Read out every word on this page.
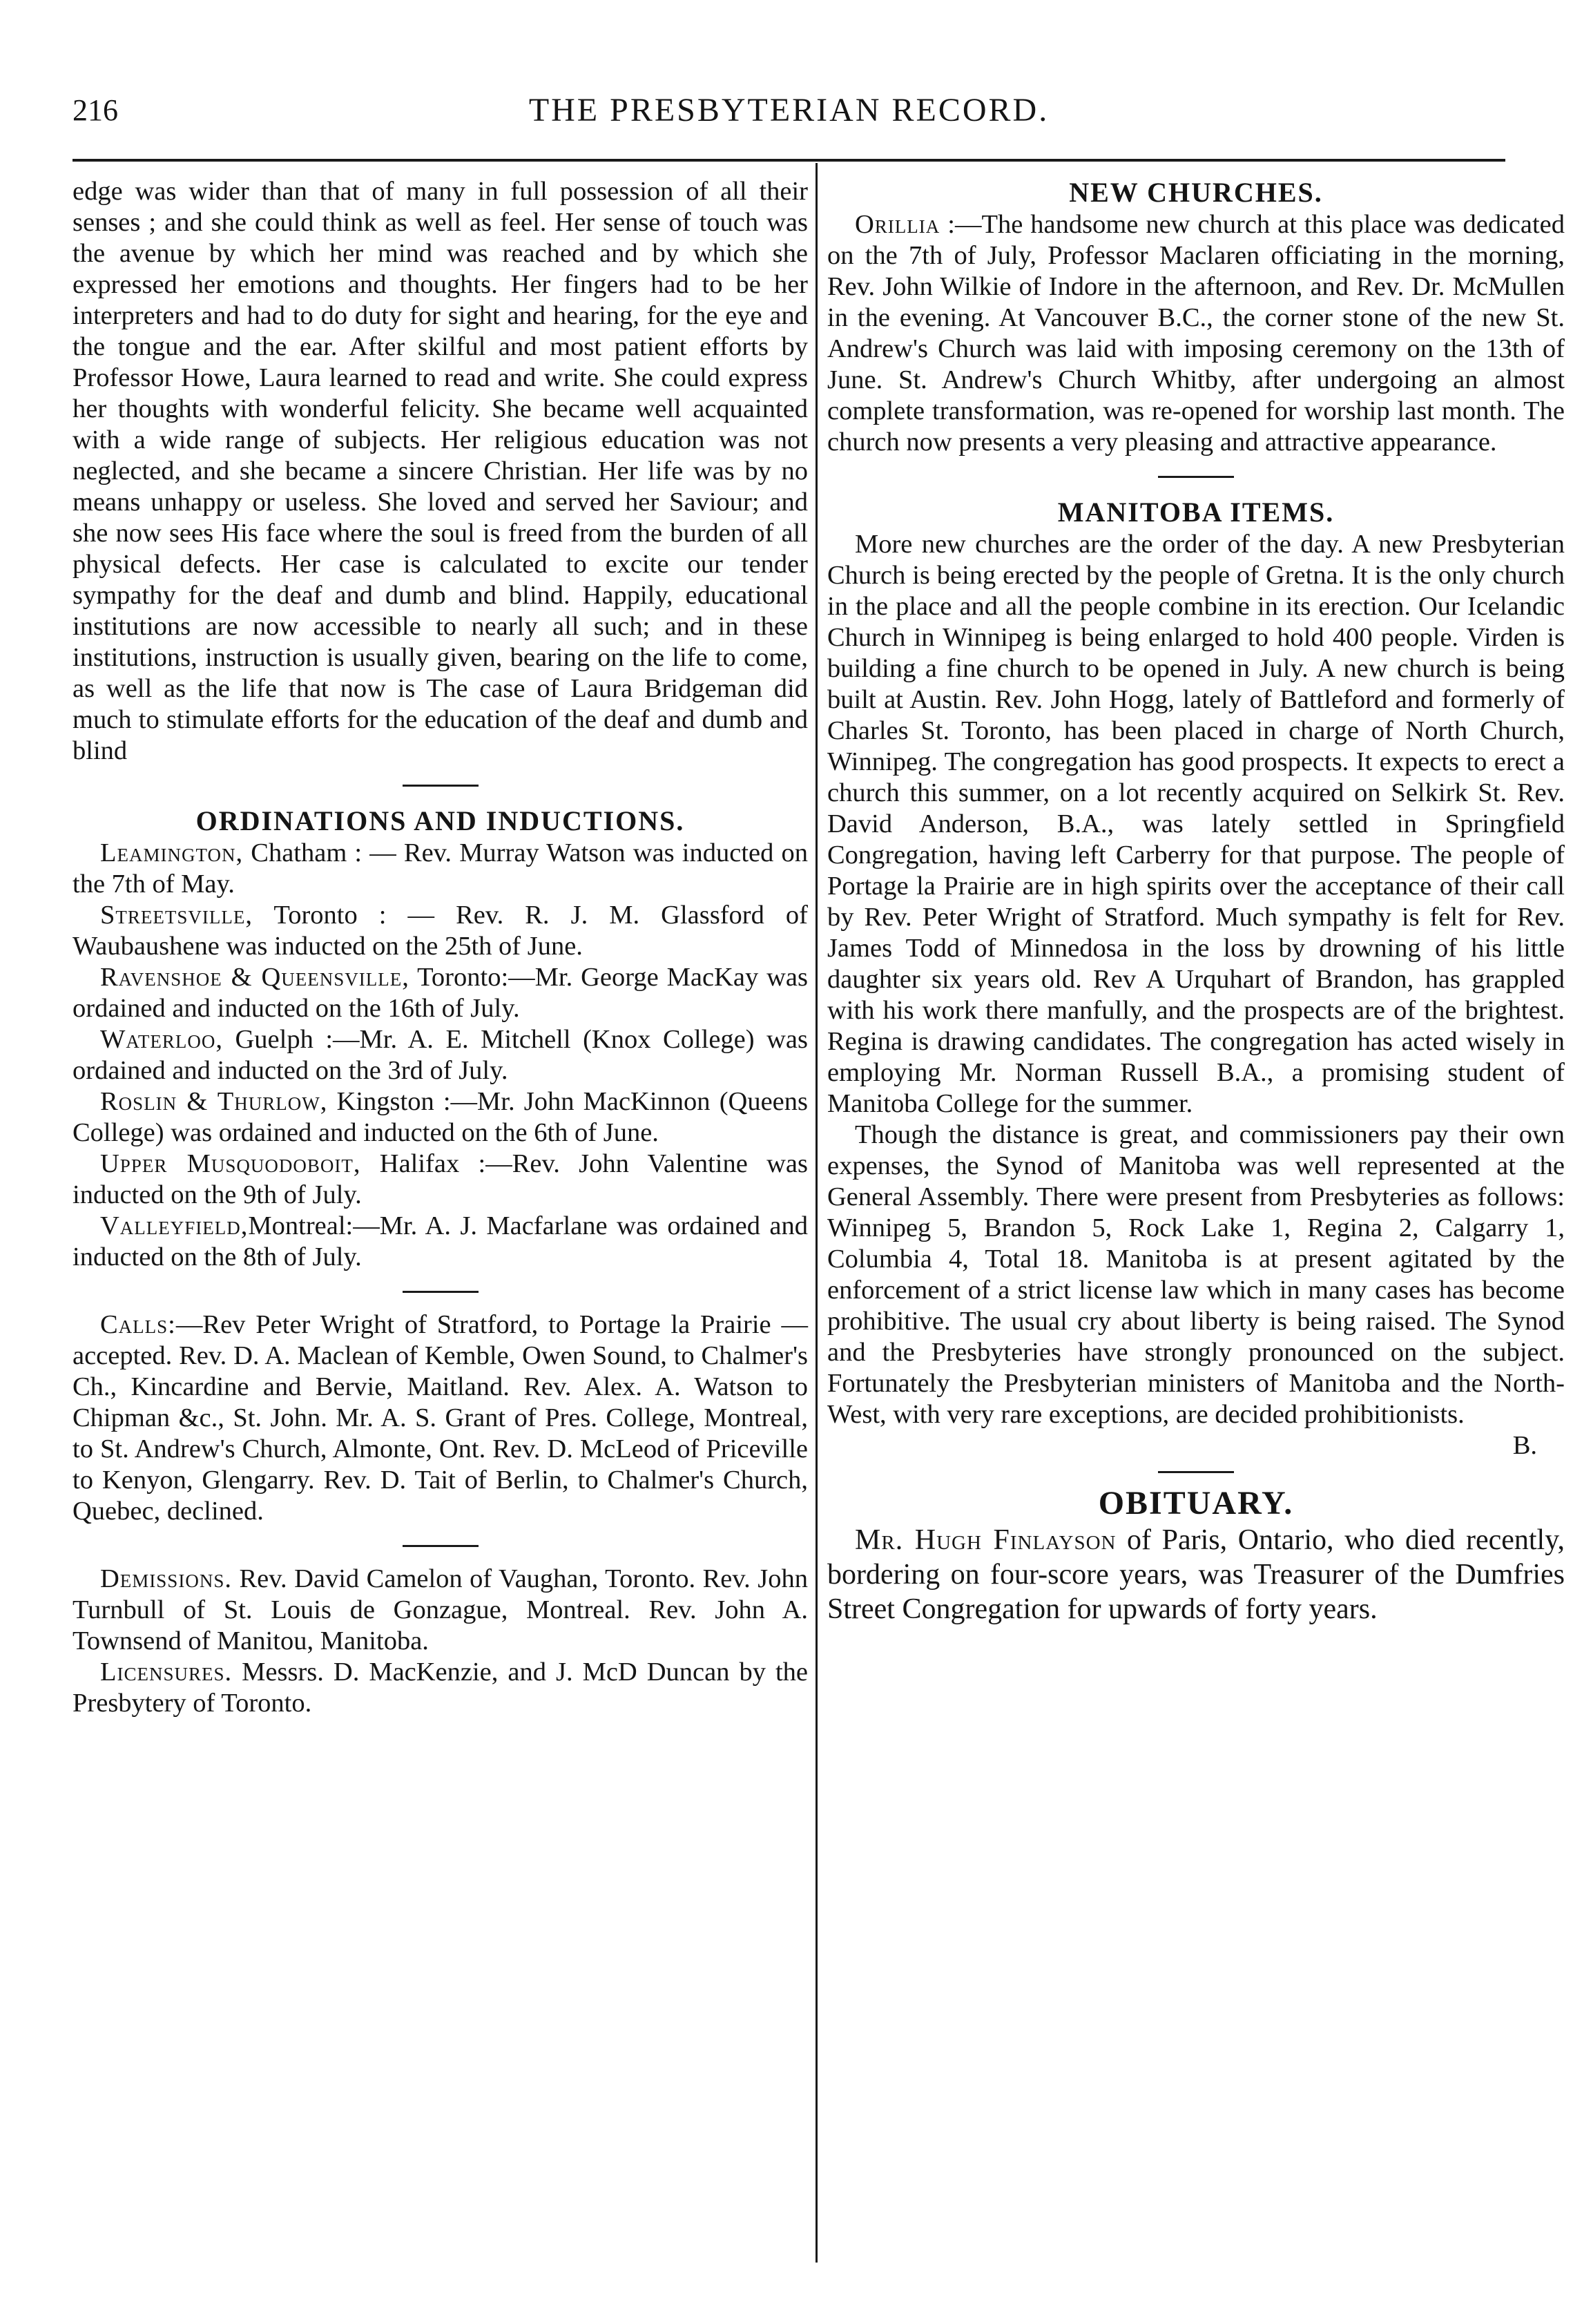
216	THE PRESBYTERIAN RECORD.

edge was wider than that of many in full possession of all their senses ; and she could think as well as feel. Her sense of touch was the avenue by which her mind was reached and by which she expressed her emotions and thoughts. Her fingers had to be her interpreters and had to do duty for sight and hearing, for the eye and the tongue and the ear. After skilful and most patient efforts by Professor Howe, Laura learned to read and write. She could express her thoughts with wonderful felicity. She became well acquainted with a wide range of subjects. Her religious education was not neglected, and she became a sincere Christian. Her life was by no means unhappy or useless. She loved and served her Saviour; and she now sees His face where the soul is freed from the burden of all physical defects. Her case is calculated to excite our tender sympathy for the deaf and dumb and blind. Happily, educational institutions are now accessible to nearly all such; and in these institutions, instruction is usually given, bearing on the life to come, as well as the life that now is The case of Laura Bridgeman did much to stimulate efforts for the education of the deaf and dumb and blind

ORDINATIONS AND INDUCTIONS.

Leamington, Chatham : — Rev. Murray Watson was inducted on the 7th of May.

Streetsville, Toronto : — Rev. R. J. M. Glassford of Waubaushene was inducted on the 25th of June.

Ravenshoe & Queensville, Toronto:—Mr. George MacKay was ordained and inducted on the 16th of July.

Waterloo, Guelph :—Mr. A. E. Mitchell (Knox College) was ordained and inducted on the 3rd of July.

Roslin & Thurlow, Kingston :—Mr. John MacKinnon (Queens College) was ordained and inducted on the 6th of June.

Upper Musquodoboit, Halifax :—Rev. John Valentine was inducted on the 9th of July.

Valleyfield,Montreal:—Mr. A. J. Macfarlane was ordained and inducted on the 8th of July.

Calls:—Rev Peter Wright of Stratford, to Portage la Prairie — accepted. Rev. D. A. Maclean of Kemble, Owen Sound, to Chalmer's Ch., Kincardine and Bervie, Maitland. Rev. Alex. A. Watson to Chipman &c., St. John. Mr. A. S. Grant of Pres. College, Montreal, to St. Andrew's Church, Almonte, Ont. Rev. D. McLeod of Priceville to Kenyon, Glengarry. Rev. D. Tait of Berlin, to Chalmer's Church, Quebec, declined.

Demissions. Rev. David Camelon of Vaughan, Toronto. Rev. John Turnbull of St. Louis de Gonzague, Montreal. Rev. John A. Townsend of Manitou, Manitoba.

Licensures. Messrs. D. MacKenzie, and J. McD Duncan by the Presbytery of Toronto.

NEW CHURCHES.

Orillia :—The handsome new church at this place was dedicated on the 7th of July, Professor Maclaren officiating in the morning, Rev. John Wilkie of Indore in the afternoon, and Rev. Dr. McMullen in the evening. At Vancouver B.C., the corner stone of the new St. Andrew's Church was laid with imposing ceremony on the 13th of June. St. Andrew's Church Whitby, after undergoing an almost complete transformation, was re-opened for worship last month. The church now presents a very pleasing and attractive appearance.

MANITOBA ITEMS.

More new churches are the order of the day. A new Presbyterian Church is being erected by the people of Gretna. It is the only church in the place and all the people combine in its erection. Our Icelandic Church in Winnipeg is being enlarged to hold 400 people. Virden is building a fine church to be opened in July. A new church is being built at Austin. Rev. John Hogg, lately of Battleford and formerly of Charles St. Toronto, has been placed in charge of North Church, Winnipeg. The congregation has good prospects. It expects to erect a church this summer, on a lot recently acquired on Selkirk St. Rev. David Anderson, B.A., was lately settled in Springfield Congregation, having left Carberry for that purpose. The people of Portage la Prairie are in high spirits over the acceptance of their call by Rev. Peter Wright of Stratford. Much sympathy is felt for Rev. James Todd of Minnedosa in the loss by drowning of his little daughter six years old. Rev A Urquhart of Brandon, has grappled with his work there manfully, and the prospects are of the brightest. Regina is drawing candidates. The congregation has acted wisely in employing Mr. Norman Russell B.A., a promising student of Manitoba College for the summer.

Though the distance is great, and commissioners pay their own expenses, the Synod of Manitoba was well represented at the General Assembly. There were present from Presbyteries as follows: Winnipeg 5, Brandon 5, Rock Lake 1, Regina 2, Calgarry 1, Columbia 4, Total 18. Manitoba is at present agitated by the enforcement of a strict license law which in many cases has become prohibitive. The usual cry about liberty is being raised. The Synod and the Presbyteries have strongly pronounced on the subject. Fortunately the Presbyterian ministers of Manitoba and the North-West, with very rare exceptions, are decided prohibitionists.

B.
OBITUARY.

Mr. Hugh Finlayson of Paris, Ontario, who died recently, bordering on four-score years, was Treasurer of the Dumfries Street Congregation for upwards of forty years.
